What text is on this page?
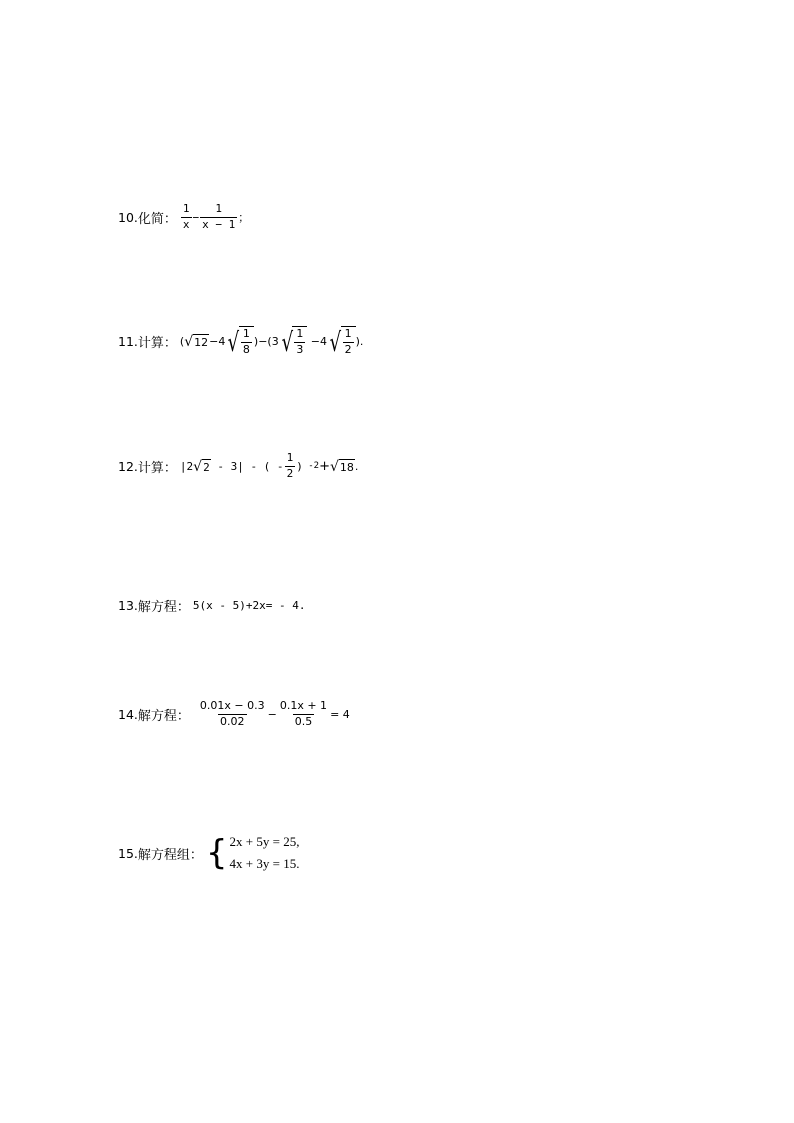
10. 化简： $\frac{1}{x} - \frac{1}{x - 1}$ ；
11. 计算： ( √ 12 −4 √ $\frac{1}{8} )-(3$ √ $\frac{1}{3} -4$ √ $\frac{1}{2}$ ).
12. 计算： |2 √ 2 - 3| - ( - $\frac{1}{2}$ ) -2 + √ 18 .
13. 解方程： 5(x - 5)+2x= - 4.
14. 解方程： $\frac{0.01x - 0.3}{0.02} - \frac{0.1x + 1}{0.5} = 4$
15. 解方程组： { 2x + 5y = 25,
4x + 3y = 15.
